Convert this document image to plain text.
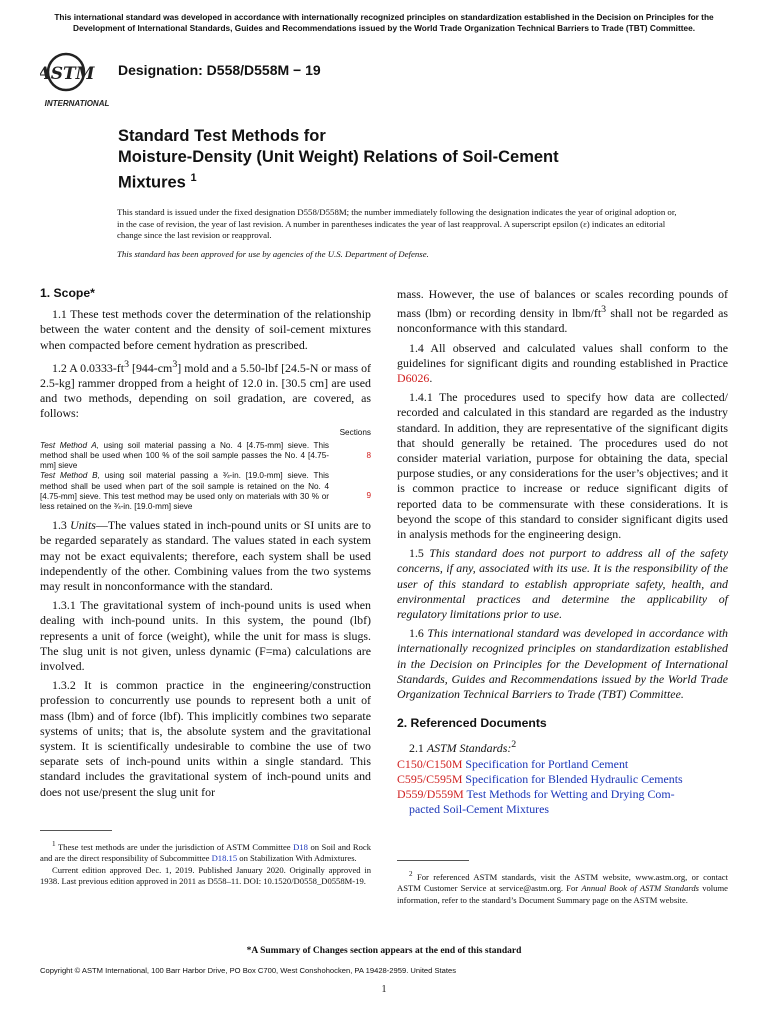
This international standard was developed in accordance with internationally recognized principles on standardization established in the Decision on Principles for the Development of International Standards, Guides and Recommendations issued by the World Trade Organization Technical Barriers to Trade (TBT) Committee.
ASTM
INTERNATIONAL
Designation: D558/D558M − 19
Standard Test Methods for
Moisture-Density (Unit Weight) Relations of Soil-Cement
Mixtures $^1$
This standard is issued under the fixed designation D558/D558M; the number immediately following the designation indicates the year of original adoption or, in the case of revision, the year of last revision. A number in parentheses indicates the year of last reapproval. A superscript epsilon (ε) indicates an editorial change since the last revision or reapproval.
This standard has been approved for use by agencies of the U.S. Department of Defense.
1. Scope*

1.1 These test methods cover the determination of the relationship between the water content and the density of soil-cement mixtures when compacted before cement hydration as prescribed.

1.2 A $0.0333-ft^3$ $[944-cm^3]$ mold and a 5.50-lbf [24.5-N or mass of 2.5-kg] rammer dropped from a height of 12.0 in. [30.5 cm] are used and two methods, depending on soil gradation, are covered, as follows:

Sections
Test Method A, using soil material passing a No. 4 [4.75-mm] sieve. This method shall be used when 100 % of the soil sample passes the No. 4 [4.75-mm] sieve
8
Test Method B, using soil material passing a ¾-in. [19.0-mm] sieve. This method shall be used when part of the soil sample is retained on the No. 4 [4.75-mm] sieve. This test method may be used only on materials with 30 % or less retained on the ¾-in. [19.0-mm] sieve
9

1.3 Units—The values stated in inch-pound units or SI units are to be regarded separately as standard. The values stated in each system may not be exact equivalents; therefore, each system shall be used independently of the other. Combining values from the two systems may result in nonconformance with the standard.

1.3.1 The gravitational system of inch-pound units is used when dealing with inch-pound units. In this system, the pound (lbf) represents a unit of force (weight), while the unit for mass is slugs. The slug unit is not given, unless dynamic (F=ma) calculations are involved.

1.3.2 It is common practice in the engineering/construction profession to concurrently use pounds to represent both a unit of mass (lbm) and of force (lbf). This implicitly combines two separate systems of units; that is, the absolute system and the gravitational system. It is scientifically undesirable to combine the use of two separate sets of inch-pound units within a single standard. This standard includes the gravitational system of inch-pound units and does not use/present the slug unit for

mass. However, the use of balances or scales recording pounds of mass (lbm) or recording density in lbm/$ft^3$ shall not be regarded as nonconformance with this standard.

1.4 All observed and calculated values shall conform to the guidelines for significant digits and rounding established in Practice D6026.

1.4.1 The procedures used to specify how data are collected/ recorded and calculated in this standard are regarded as the industry standard. In addition, they are representative of the significant digits that should generally be retained. The procedures used do not consider material variation, purpose for obtaining the data, special purpose studies, or any considerations for the user’s objectives; and it is common practice to increase or reduce significant digits of reported data to be commensurate with these considerations. It is beyond the scope of this standard to consider significant digits used in analysis methods for the engineering design.

1.5 This standard does not purport to address all of the safety concerns, if any, associated with its use. It is the responsibility of the user of this standard to establish appropriate safety, health, and environmental practices and determine the applicability of regulatory limitations prior to use.

1.6 This international standard was developed in accordance with internationally recognized principles on standardization established in the Decision on Principles for the Development of International Standards, Guides and Recommendations issued by the World Trade Organization Technical Barriers to Trade (TBT) Committee.

2. Referenced Documents

2.1 ASTM Standards:$^2$

C150/C150M Specification for Portland Cement

C595/C595M Specification for Blended Hydraulic Cements

D559/D559M Test Methods for Wetting and Drying Com-
pacted Soil-Cement Mixtures

$^1$ These test methods are under the jurisdiction of ASTM Committee D18 on Soil and Rock and are the direct responsibility of Subcommittee D18.15 on Stabilization With Admixtures.
Current edition approved Dec. 1, 2019. Published January 2020. Originally approved in 1938. Last previous edition approved in 2011 as D558–11. DOI: 10.1520/D0558_D0558M-19.
$^2$ For referenced ASTM standards, visit the ASTM website, www.astm.org, or contact ASTM Customer Service at service@astm.org. For Annual Book of ASTM Standards volume information, refer to the standard’s Document Summary page on the ASTM website.
*A Summary of Changes section appears at the end of this standard
Copyright © ASTM International, 100 Barr Harbor Drive, PO Box C700, West Conshohocken, PA 19428-2959. United States
1
